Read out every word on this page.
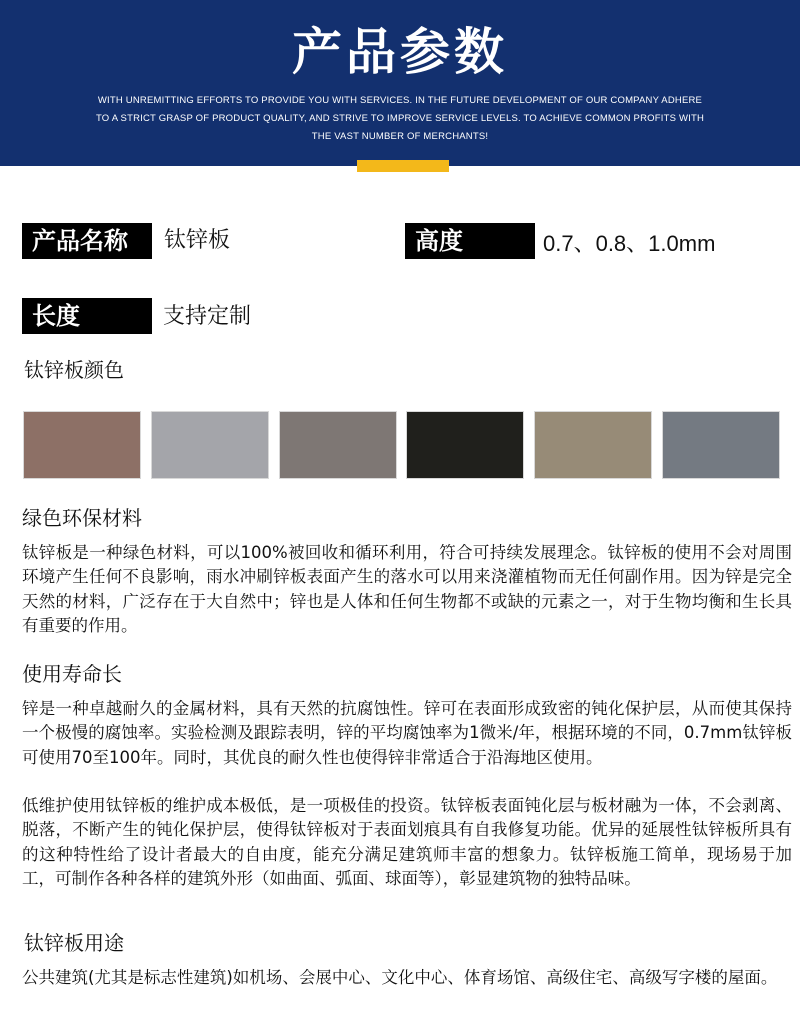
产品参数
WITH UNREMITTING EFFORTS TO PROVIDE YOU WITH SERVICES. IN THE FUTURE DEVELOPMENT OF OUR COMPANY ADHERE TO A STRICT GRASP OF PRODUCT QUALITY, AND STRIVE TO IMPROVE SERVICE LEVELS. TO ACHIEVE COMMON PROFITS WITH THE VAST NUMBER OF MERCHANTS!
产品名称	钛锌板	高度	0.7、0.8、1.0mm
长度	支持定制
钛锌板颜色
绿色环保材料
钛锌板是一种绿色材料，可以100%被回收和循环利用，符合可持续发展理念。钛锌板的使用不会对周围环境产生任何不良影响，雨水冲刷锌板表面产生的落水可以用来浇灌植物而无任何副作用。因为锌是完全天然的材料，广泛存在于大自然中；锌也是人体和任何生物都不或缺的元素之一，对于生物均衡和生长具有重要的作用。
使用寿命长
锌是一种卓越耐久的金属材料，具有天然的抗腐蚀性。锌可在表面形成致密的钝化保护层，从而使其保持一个极慢的腐蚀率。实验检测及跟踪表明，锌的平均腐蚀率为1微米/年，根据环境的不同，0.7mm钛锌板可使用70至100年。同时，其优良的耐久性也使得锌非常适合于沿海地区使用。
低维护使用钛锌板的维护成本极低，是一项极佳的投资。钛锌板表面钝化层与板材融为一体，不会剥离、脱落，不断产生的钝化保护层，使得钛锌板对于表面划痕具有自我修复功能。优异的延展性钛锌板所具有的这种特性给了设计者最大的自由度，能充分满足建筑师丰富的想象力。钛锌板施工简单，现场易于加工，可制作各种各样的建筑外形（如曲面、弧面、球面等），彰显建筑物的独特品味。
钛锌板用途
公共建筑(尤其是标志性建筑)如机场、会展中心、文化中心、体育场馆、高级住宅、高级写字楼的屋面。
